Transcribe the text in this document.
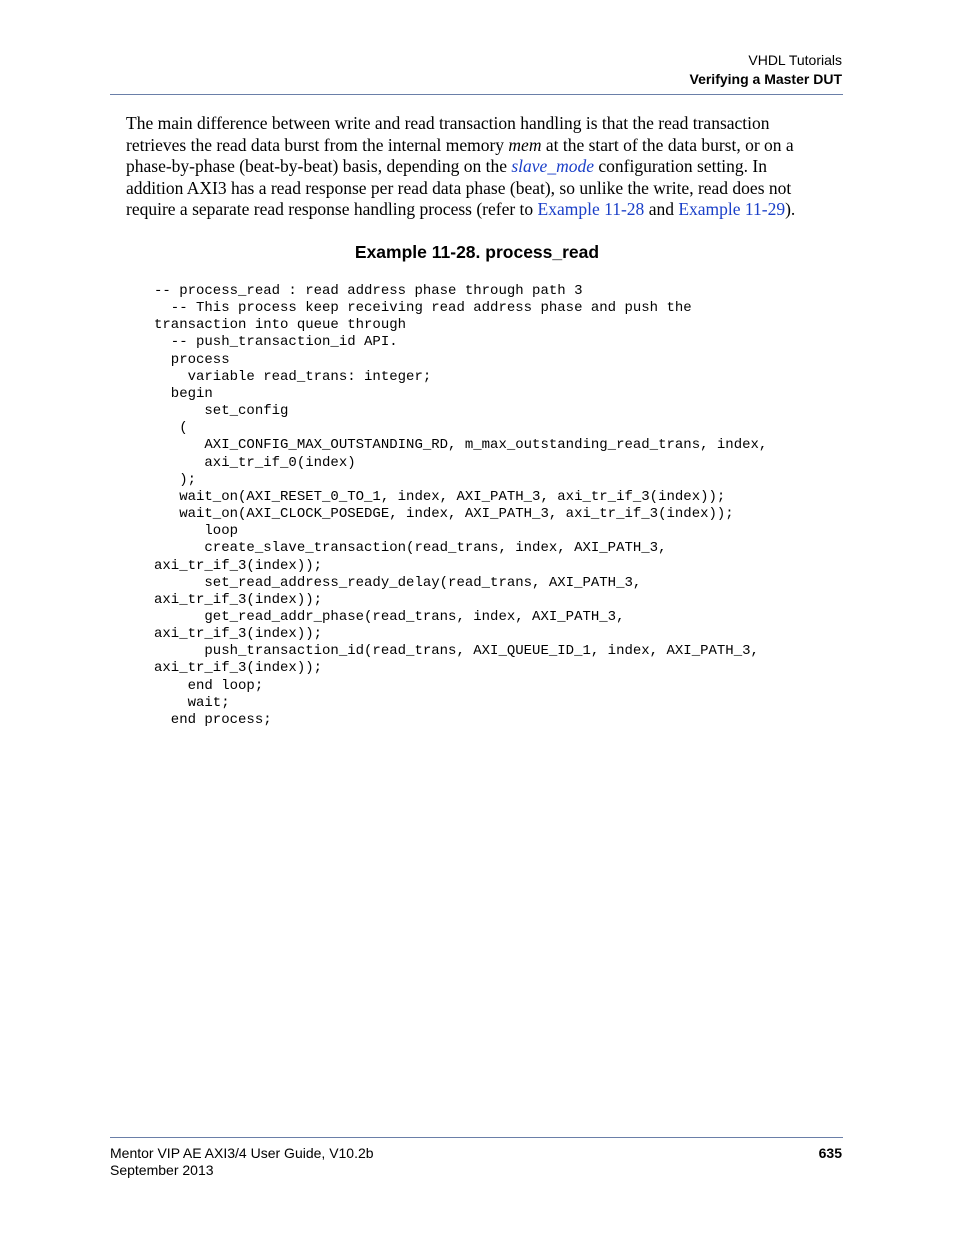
VHDL Tutorials
Verifying a Master DUT

The main difference between write and read transaction handling is that the read transaction
retrieves the read data burst from the internal memory mem at the start of the data burst, or on a
phase-by-phase (beat-by-beat) basis, depending on the slave_mode configuration setting. In
addition AXI3 has a read response per read data phase (beat), so unlike the write, read does not
require a separate read response handling process (refer to Example 11-28 and Example 11-29).

Example 11-28. process_read
-- process_read : read address phase through path 3
-- This process keep receiving read address phase and push the
transaction into queue through
-- push_transaction_id API.
process
variable read_trans: integer;
begin
set_config
(
AXI_CONFIG_MAX_OUTSTANDING_RD, m_max_outstanding_read_trans, index,
axi_tr_if_0(index)
);
wait_on(AXI_RESET_0_TO_1, index, AXI_PATH_3, axi_tr_if_3(index));
wait_on(AXI_CLOCK_POSEDGE, index, AXI_PATH_3, axi_tr_if_3(index));
loop
create_slave_transaction(read_trans, index, AXI_PATH_3,
axi_tr_if_3(index));
set_read_address_ready_delay(read_trans, AXI_PATH_3,
axi_tr_if_3(index));
get_read_addr_phase(read_trans, index, AXI_PATH_3,
axi_tr_if_3(index));
push_transaction_id(read_trans, AXI_QUEUE_ID_1, index, AXI_PATH_3,
axi_tr_if_3(index));
end loop;
wait;
end process;
Mentor VIP AE AXI3/4 User Guide, V10.2b
September 2013
635
